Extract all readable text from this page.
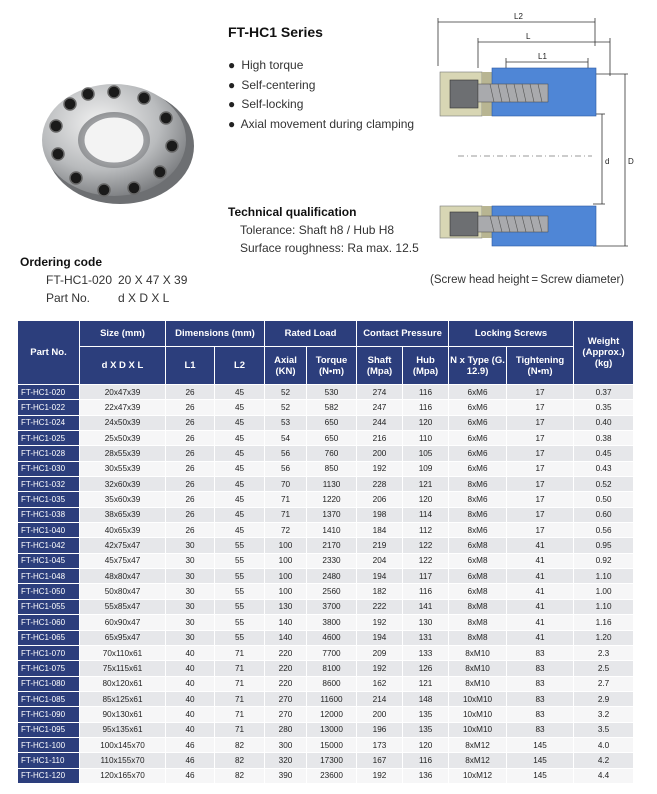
FT-HC1 Series
● High torque
● Self-centering
● Self-locking
● Axial movement during clamping
L2
L
L1
d D
Technical qualification
Tolerance: Shaft h8 / Hub H8
Surface roughness: Ra max. 12.5
Ordering code
FT-HC1-020 20 X 47 X 39
Part No. d X D X L
(Screw head height = Screw diameter)
Part No.	Size (mm)	Dimensions (mm)		Rated Load		Contact Pressure		Locking Screws		Weight (Approx.) (kg)
	d X D X L	L1	L2	Axial (KN)	Torque (N•m)	Shaft (Mpa)	Hub (Mpa)	N x Type (G. 12.9)	Tightening (N•m)	
FT-HC1-020	20x47x39	26	45	52	530	274	116	6xM6	17	0.37
FT-HC1-022	22x47x39	26	45	52	582	247	116	6xM6	17	0.35
FT-HC1-024	24x50x39	26	45	53	650	244	120	6xM6	17	0.40
FT-HC1-025	25x50x39	26	45	54	650	216	110	6xM6	17	0.38
FT-HC1-028	28x55x39	26	45	56	760	200	105	6xM6	17	0.45
FT-HC1-030	30x55x39	26	45	56	850	192	109	6xM6	17	0.43
FT-HC1-032	32x60x39	26	45	70	1130	228	121	8xM6	17	0.52
FT-HC1-035	35x60x39	26	45	71	1220	206	120	8xM6	17	0.50
FT-HC1-038	38x65x39	26	45	71	1370	198	114	8xM6	17	0.60
FT-HC1-040	40x65x39	26	45	72	1410	184	112	8xM6	17	0.56
FT-HC1-042	42x75x47	30	55	100	2170	219	122	6xM8	41	0.95
FT-HC1-045	45x75x47	30	55	100	2330	204	122	6xM8	41	0.92
FT-HC1-048	48x80x47	30	55	100	2480	194	117	6xM8	41	1.10
FT-HC1-050	50x80x47	30	55	100	2560	182	116	6xM8	41	1.00
FT-HC1-055	55x85x47	30	55	130	3700	222	141	8xM8	41	1.10
FT-HC1-060	60x90x47	30	55	140	3800	192	130	8xM8	41	1.16
FT-HC1-065	65x95x47	30	55	140	4600	194	131	8xM8	41	1.20
FT-HC1-070	70x110x61	40	71	220	7700	209	133	8xM10	83	2.3
FT-HC1-075	75x115x61	40	71	220	8100	192	126	8xM10	83	2.5
FT-HC1-080	80x120x61	40	71	220	8600	162	121	8xM10	83	2.7
FT-HC1-085	85x125x61	40	71	270	11600	214	148	10xM10	83	2.9
FT-HC1-090	90x130x61	40	71	270	12000	200	135	10xM10	83	3.2
FT-HC1-095	95x135x61	40	71	280	13000	196	135	10xM10	83	3.5
FT-HC1-100	100x145x70	46	82	300	15000	173	120	8xM12	145	4.0
FT-HC1-110	110x155x70	46	82	320	17300	167	116	8xM12	145	4.2
FT-HC1-120	120x165x70	46	82	390	23600	192	136	10xM12	145	4.4
